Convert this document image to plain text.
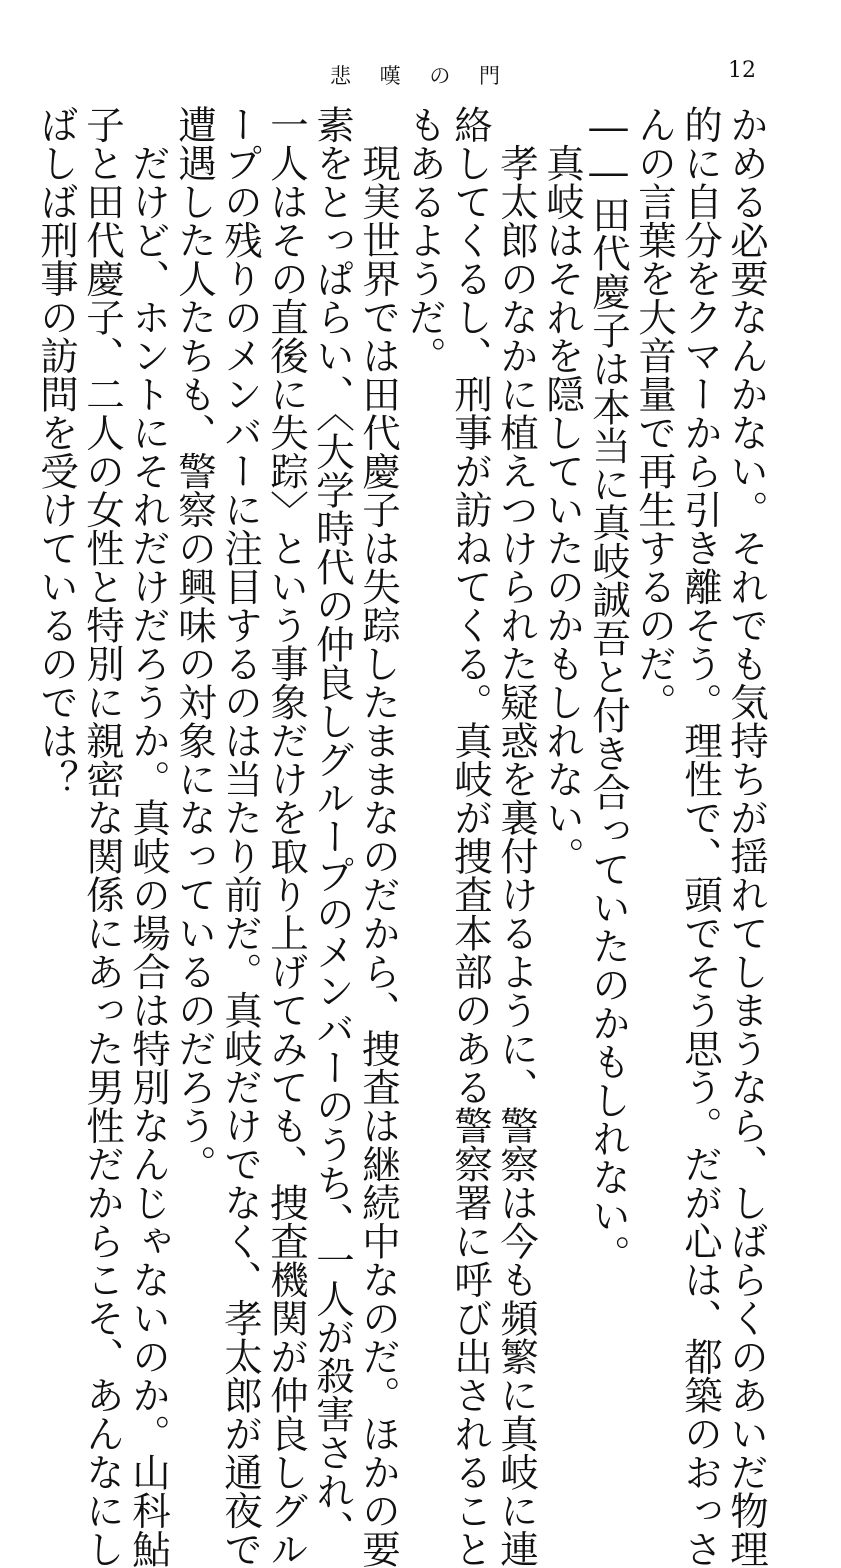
悲 嘆 の 門	12
かめる必要なんかない。それでも気持ちが揺れてしまうなら、しばらくのあいだ物理
的に自分をクマーから引き離そう。理性で、頭でそう思う。だが心は、都築のおっさ
んの言葉を大音量で再生するのだ。
――田代慶子は本当に真岐誠吾と付き合っていたのかもしれない。
　真岐はそれを隠していたのかもしれない。
　孝太郎のなかに植えつけられた疑惑を裏付けるように、警察は今も頻繁に真岐に連
絡してくるし、刑事が訪ねてくる。真岐が捜査本部のある警察署に呼び出されること
もあるようだ。
　現実世界では田代慶子は失踪したままなのだから、捜査は継続中なのだ。ほかの要
素をとっぱらい、〈大学時代の仲良しグループのメンバーのうち、一人が殺害され、
一人はその直後に失踪〉という事象だけを取り上げてみても、捜査機関が仲良しグル
ープの残りのメンバーに注目するのは当たり前だ。真岐だけでなく、孝太郎が通夜で
遭遇した人たちも、警察の興味の対象になっているのだろう。
　だけど、ホントにそれだけだろうか。真岐の場合は特別なんじゃないのか。山科鮎
子と田代慶子、二人の女性と特別に親密な関係にあった男性だからこそ、あんなにし
ばしば刑事の訪問を受けているのでは？
